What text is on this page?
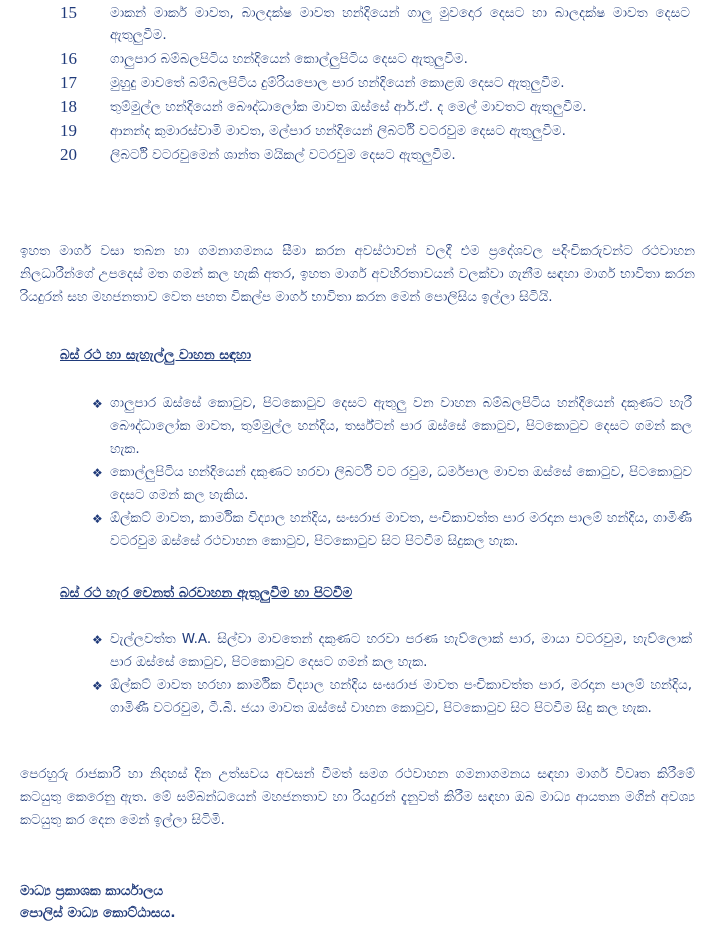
15	මාකන් මාකර් මාවත, බාලදක්ෂ මාවත හන්දියෙන් ගාලු මුවදොර දෙසට හා බාලදක්ෂ මාවත දෙසට ඇතුලුවීම.
16	ගාලුපාර බම්බලපිටිය හන්දියෙන් කොල්ලුපිටිය දෙසට ඇතුලුවීම.
17	මුහුදු මාවතේ බම්බලපිටිය දුම්රියපොල පාර හන්දියෙන් කොළඹ දෙසට ඇතුලුවීම.
18	තුම්මුල්ල හන්දියෙන් බෞද්ධාලෝක මාවත ඔස්සේ ආර්.ඒ. ද මෙල් මාවතට ඇතුලුවීම.
19	ආනන්ද කුමාරස්වාමි මාවත, මල්පාර හන්දියෙන් ලිබර්ටි වටරවුම දෙසට ඇතුලුවීම.
20	ලිබර්ටි වටරවුමෙන් ශාන්ත මයිකල් වටරවුම දෙසට ඇතුලුවීම.
ඉහත මාර්ග වසා තබන හා ගමනාගමනය සීමා කරන අවස්ථාවන් වලදී එම ප්‍රදේශවල පදිංචිකරුවන්ට රථවාහන නිලධාරීන්ගේ උපදෙස් මත ගමන් කල හැකි අතර, ඉහත මාර්ග අවහිරතාවයන් වලක්වා ගැනීම සඳහා මාර්ග භාවිතා කරන රියදුරන් සහ මහජනතාව වෙත පහත විකල්ප මාර්ග භාවිතා කරන මෙන් පොලිසිය ඉල්ලා සිටියි.
බස් රථ හා සැහැල්ලු වාහන සඳහා
❖ ගාලුපාර ඔස්සේ කොටුව, පිටකොටුව දෙසට ඇතුලු වන වාහන බම්බලපිටිය හන්දියෙන් දකුණට හැරී බෞද්ධාලෝක මාවත, තුම්මුල්ල හන්දිය, තර්ස්ටන් පාර ඔස්සේ කොටුව, පිටකොටුව දෙසට ගමන් කල හැක.
❖ කොල්ලුපිටිය හන්දියෙන් දකුණට හරවා ලිබර්ටි වට රවුම, ධර්මපාල මාවත ඔස්සේ කොටුව, පිටකොටුව දෙසට ගමන් කල හැකිය.
❖ ඕල්කට් මාවත, කාර්මික විද්‍යාල හන්දිය, සංඝරාජ මාවත, පංචිකාවත්ත පාර මරදාන පාලම් හන්දිය, ගාමිණී වටරවුම ඔස්සේ රථවාහන කොටුව, පිටකොටුව සිට පිටවීම සිදුකල හැක.
බස් රථ හැර වෙනත් බරවාහන ඇතුලුවීම හා පිටවීම
❖ වැල්ලවත්ත W.A. සිල්වා මාවතෙන් දකුණට හරවා පරණ හැව්ලොක් පාර, මායා වටරවුම, හැව්ලොක් පාර ඔස්සේ කොටුව, පිටකොටුව දෙසට ගමන් කල හැක.
❖ ඕල්කට් මාවත හරහා කාර්මික විද්‍යාල හන්දිය සංඝරාජ මාවත පංචිකාවත්ත පාර, මරදාන පාලම් හන්දිය, ගාමිණී වටරවුම, ටී.බී. ජයා මාවත ඔස්සේ වාහන කොටුව, පිටකොටුව සිට පිටවීම සිදු කල හැක.
පෙරහුරු රාජකාරි හා නිදහස් දින උත්සවය අවසන් වීමත් සමග රථවාහන ගමනාගමනය සඳහා මාර්ග විවෘත කිරීමේ කටයුතු කෙරෙනු ඇත. මේ සම්බන්ධයෙන් මහජනතාව හා රියදුරන් දැනුවත් කිරීම සඳහා ඔබ මාධ්‍ය ආයතන මගින් අවශ්‍ය කටයුතු කර දෙන මෙන් ඉල්ලා සිටිමි.
මාධ්‍ය ප්‍රකාශක කාර්යාලය
පොලිස් මාධ්‍ය කොට්ඨාසය.
